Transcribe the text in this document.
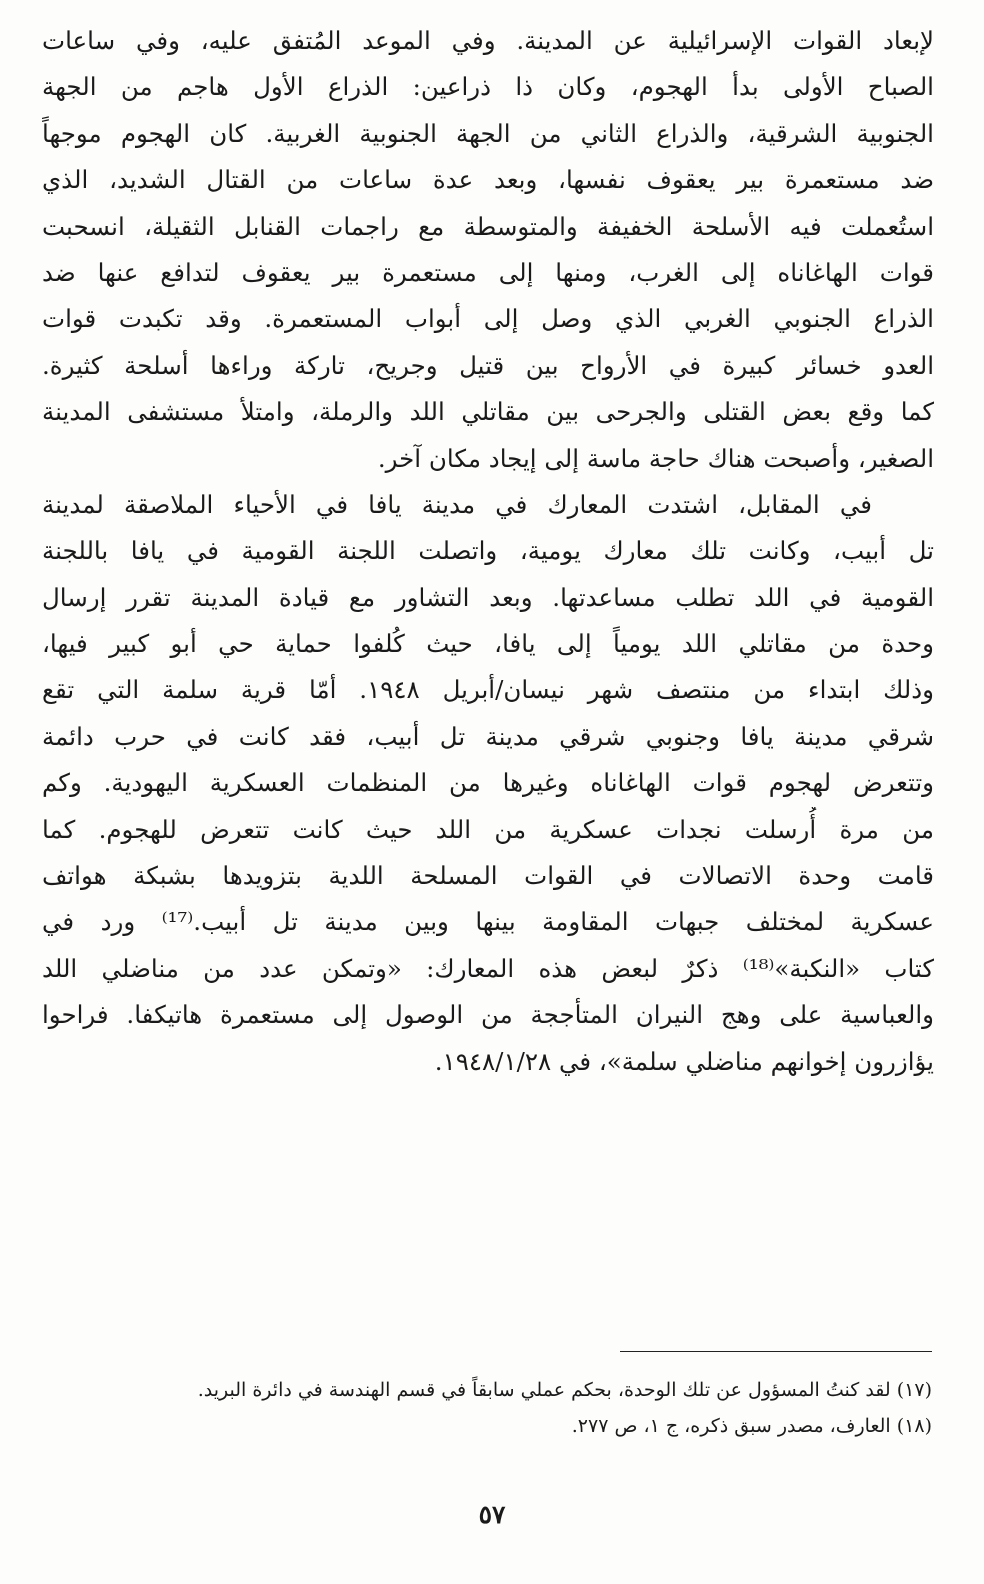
لإبعاد القوات الإسرائيلية عن المدينة. وفي الموعد المُتفق عليه، وفي ساعات
الصباح الأولى بدأ الهجوم، وكان ذا ذراعين: الذراع الأول هاجم من الجهة
الجنوبية الشرقية، والذراع الثاني من الجهة الجنوبية الغربية. كان الهجوم موجهاً
ضد مستعمرة بير يعقوف نفسها، وبعد عدة ساعات من القتال الشديد، الذي
استُعملت فيه الأسلحة الخفيفة والمتوسطة مع راجمات القنابل الثقيلة، انسحبت
قوات الهاغاناه إلى الغرب، ومنها إلى مستعمرة بير يعقوف لتدافع عنها ضد
الذراع الجنوبي الغربي الذي وصل إلى أبواب المستعمرة. وقد تكبدت قوات
العدو خسائر كبيرة في الأرواح بين قتيل وجريح، تاركة وراءها أسلحة كثيرة.
كما وقع بعض القتلى والجرحى بين مقاتلي اللد والرملة، وامتلأ مستشفى المدينة
الصغير، وأصبحت هناك حاجة ماسة إلى إيجاد مكان آخر.
في المقابل، اشتدت المعارك في مدينة يافا في الأحياء الملاصقة لمدينة
تل أبيب، وكانت تلك معارك يومية، واتصلت اللجنة القومية في يافا باللجنة
القومية في اللد تطلب مساعدتها. وبعد التشاور مع قيادة المدينة تقرر إرسال
وحدة من مقاتلي اللد يومياً إلى يافا، حيث كُلفوا حماية حي أبو كبير فيها،
وذلك ابتداء من منتصف شهر نيسان/أبريل ١٩٤٨. أمّا قرية سلمة التي تقع
شرقي مدينة يافا وجنوبي شرقي مدينة تل أبيب، فقد كانت في حرب دائمة
وتتعرض لهجوم قوات الهاغاناه وغيرها من المنظمات العسكرية اليهودية. وكم
من مرة أُرسلت نجدات عسكرية من اللد حيث كانت تتعرض للهجوم. كما
قامت وحدة الاتصالات في القوات المسلحة اللدية بتزويدها بشبكة هواتف
عسكرية لمختلف جبهات المقاومة بينها وبين مدينة تل أبيب.⁽¹⁷⁾ ورد في
كتاب «النكبة»⁽¹⁸⁾ ذكرٌ لبعض هذه المعارك: «وتمكن عدد من مناضلي اللد
والعباسية على وهج النيران المتأججة من الوصول إلى مستعمرة هاتيكفا. فراحوا
يؤازرون إخوانهم مناضلي سلمة»، في ١٩٤٨/١/٢٨.
(١٧) لقد كنتُ المسؤول عن تلك الوحدة، بحكم عملي سابقاً في قسم الهندسة في دائرة البريد.
(١٨) العارف، مصدر سبق ذكره، ج ١، ص ٢٧٧.
٥٧
